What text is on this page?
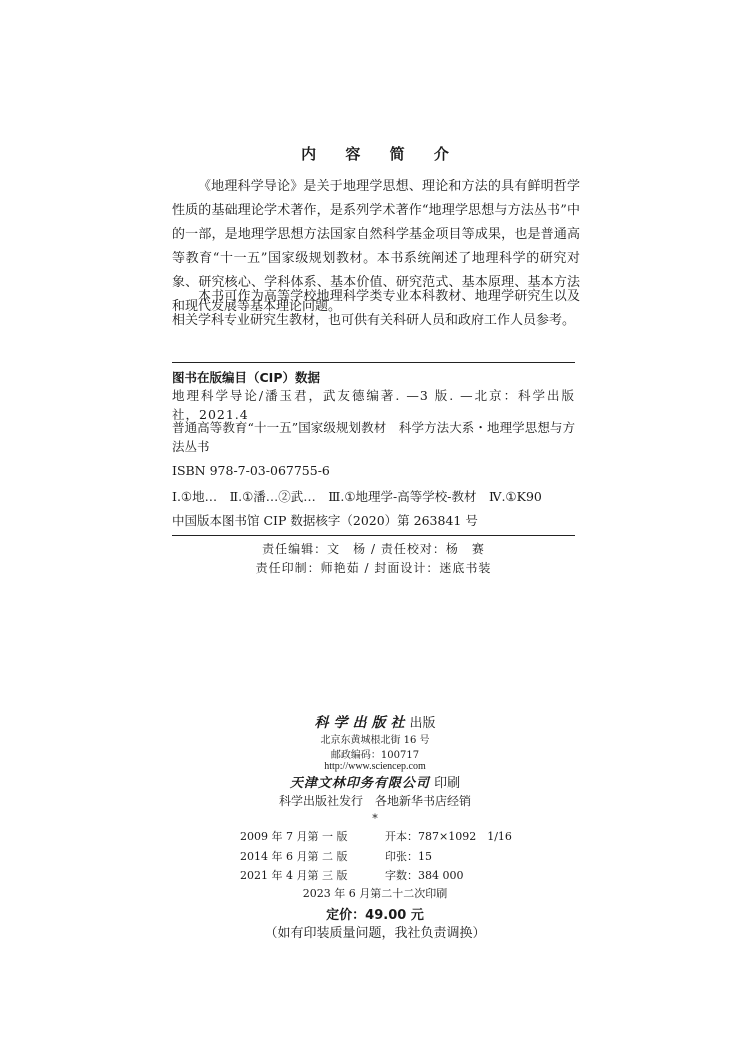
内 容 简 介
《地理科学导论》是关于地理学思想、理论和方法的具有鲜明哲学性质的基础理论学术著作，是系列学术著作“地理学思想与方法丛书”中的一部，是地理学思想方法国家自然科学基金项目等成果，也是普通高等教育“十一五”国家级规划教材。本书系统阐述了地理科学的研究对象、研究核心、学科体系、基本价值、研究范式、基本原理、基本方法和现代发展等基本理论问题。
本书可作为高等学校地理科学类专业本科教材、地理学研究生以及相关学科专业研究生教材，也可供有关科研人员和政府工作人员参考。
图书在版编目（CIP）数据
地理科学导论/潘玉君，武友德编著. —3 版. —北京：科学出版社，2021.4
普通高等教育“十一五”国家级规划教材　科学方法大系・地理学思想与方法丛书
ISBN 978-7-03-067755-6
Ⅰ.①地…　Ⅱ.①潘…②武…　Ⅲ.①地理学-高等学校-教材　Ⅳ.①K90
中国版本图书馆 CIP 数据核字（2020）第 263841 号
责任编辑：文　杨 / 责任校对：杨　赛
责任印制：师艳茹 / 封面设计：迷底书装
科学出版社出版
北京东黄城根北街 16 号
邮政编码：100717
http://www.sciencep.com
天津文林印务有限公司 印刷
科学出版社发行　各地新华书店经销
*
2009 年 7 月第 一 版	开本：787×1092　1/16
2014 年 6 月第 二 版	印张：15
2021 年 4 月第 三 版	字数：384 000
2023 年 6 月第二十二次印刷
定价：49.00 元
（如有印装质量问题，我社负责调换）
